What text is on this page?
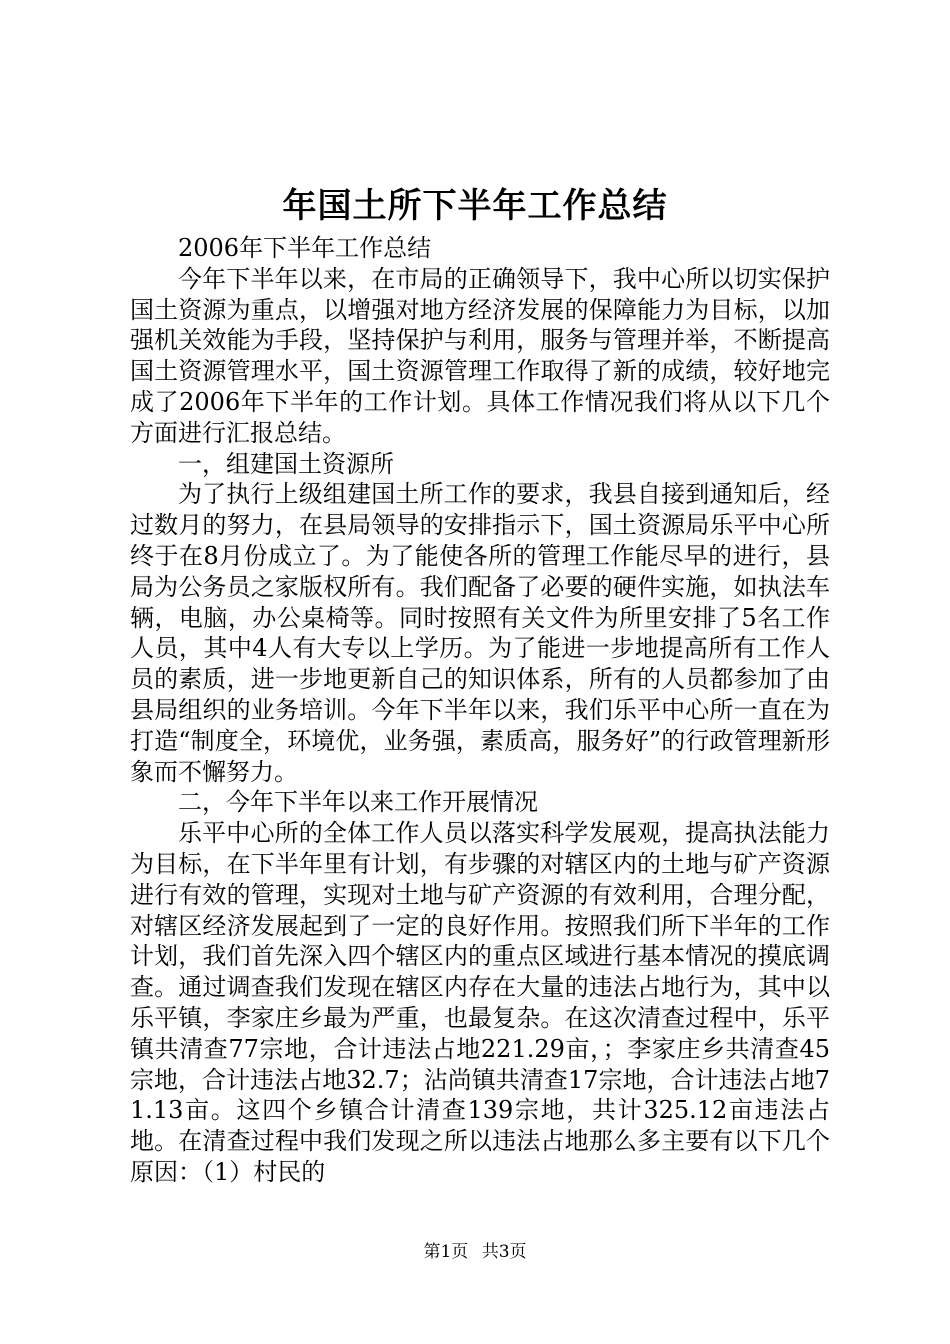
年国土所下半年工作总结

2006年下半年工作总结

今年下半年以来，在市局的正确领导下，我中心所以切实保护国土资源为重点，以增强对地方经济发展的保障能力为目标，以加强机关效能为手段，坚持保护与利用，服务与管理并举，不断提高国土资源管理水平，国土资源管理工作取得了新的成绩，较好地完成了2006年下半年的工作计划。具体工作情况我们将从以下几个方面进行汇报总结。

一，组建国土资源所

为了执行上级组建国土所工作的要求，我县自接到通知后，经过数月的努力，在县局领导的安排指示下，国土资源局乐平中心所终于在8月份成立了。为了能使各所的管理工作能尽早的进行，县局为公务员之家版权所有。我们配备了必要的硬件实施，如执法车辆，电脑，办公桌椅等。同时按照有关文件为所里安排了5名工作人员，其中4人有大专以上学历。为了能进一步地提高所有工作人员的素质，进一步地更新自己的知识体系，所有的人员都参加了由县局组织的业务培训。今年下半年以来，我们乐平中心所一直在为打造“制度全，环境优，业务强，素质高，服务好”的行政管理新形象而不懈努力。

二，今年下半年以来工作开展情况

乐平中心所的全体工作人员以落实科学发展观，提高执法能力为目标，在下半年里有计划，有步骤的对辖区内的土地与矿产资源进行有效的管理，实现对土地与矿产资源的有效利用，合理分配，对辖区经济发展起到了一定的良好作用。按照我们所下半年的工作计划，我们首先深入四个辖区内的重点区域进行基本情况的摸底调查。通过调查我们发现在辖区内存在大量的违法占地行为，其中以乐平镇，李家庄乡最为严重，也最复杂。在这次清查过程中，乐平镇共清查77宗地，合计违法占地221.29亩，；李家庄乡共清查45宗地，合计违法占地32.7；沾尚镇共清查17宗地，合计违法占地71.13亩。这四个乡镇合计清查139宗地，共计325.12亩违法占地。在清查过程中我们发现之所以违法占地那么多主要有以下几个原因：（1）村民的

第1页 共3页
